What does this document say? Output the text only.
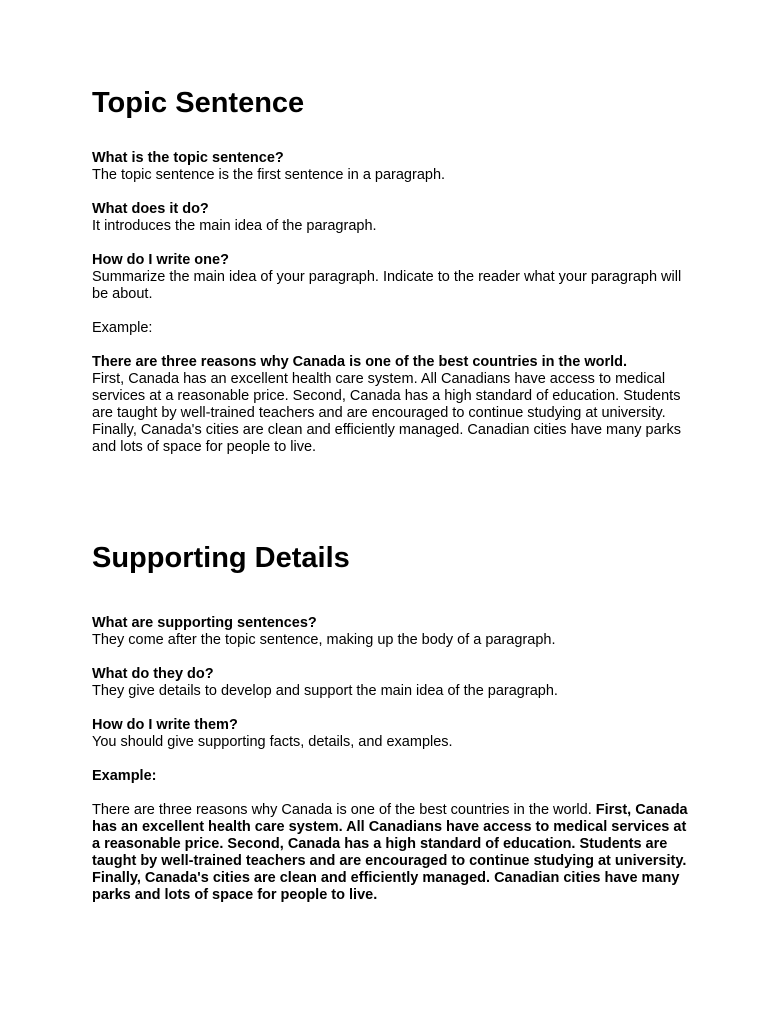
Topic Sentence
What is the topic sentence?
The topic sentence is the first sentence in a paragraph.
What does it do?
It introduces the main idea of the paragraph.
How do I write one?
Summarize the main idea of your paragraph. Indicate to the reader what your paragraph will be about.
Example:

There are three reasons why Canada is one of the best countries in the world.
First, Canada has an excellent health care system. All Canadians have access to medical services at a reasonable price. Second, Canada has a high standard of education. Students are taught by well-trained teachers and are encouraged to continue studying at university. Finally, Canada's cities are clean and efficiently managed. Canadian cities have many parks and lots of space for people to live.

Supporting Details
What are supporting sentences?
They come after the topic sentence, making up the body of a paragraph.
What do they do?
They give details to develop and support the main idea of the paragraph.
How do I write them?
You should give supporting facts, details, and examples.
Example:

There are three reasons why Canada is one of the best countries in the world. First, Canada has an excellent health care system. All Canadians have access to medical services at a reasonable price. Second, Canada has a high standard of education. Students are taught by well-trained teachers and are encouraged to continue studying at university. Finally, Canada's cities are clean and efficiently managed. Canadian cities have many parks and lots of space for people to live.
